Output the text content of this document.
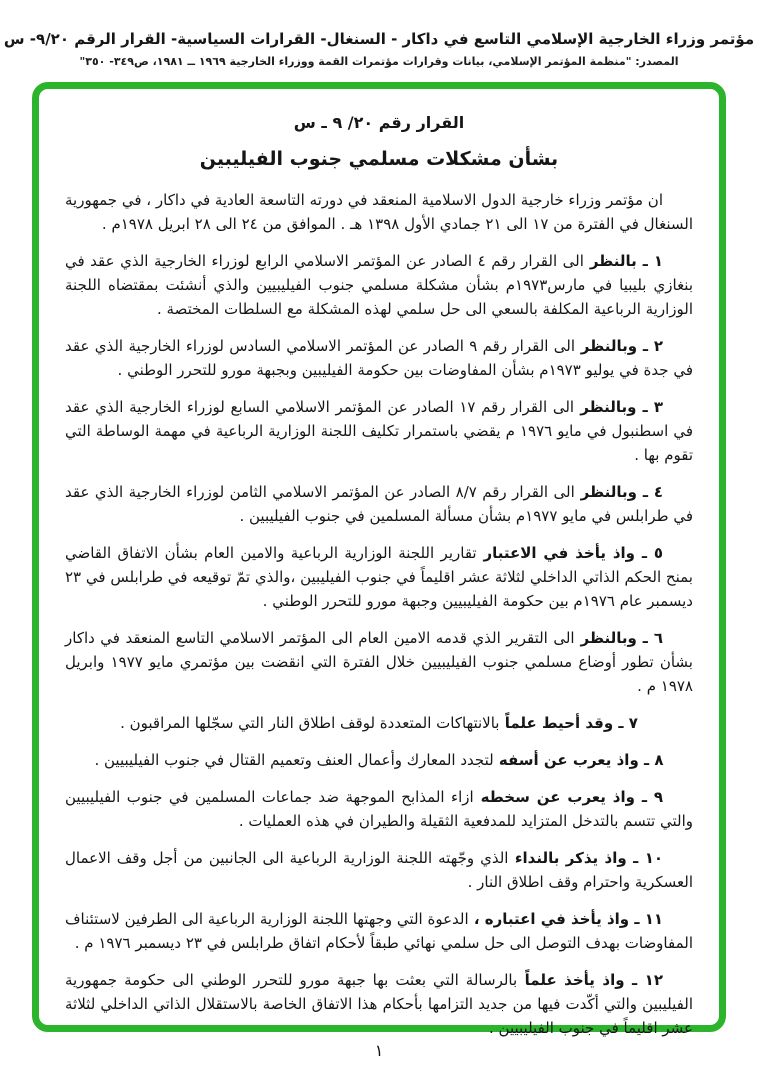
مؤتمر وزراء الخارجية الإسلامي التاسع في داكار - السنغال- القرارات السياسية- القرار الرقم ٢٠/‏٩- س
المصدر: "منظمة المؤتمر الإسلامي، بيانات وقرارات مؤتمرات القمة ووزراء الخارجية ١٩٦٩ ــ ١٩٨١، ص٣٤٩- ٣٥٠"
القرار رقم ٢٠/ ٩ ـ س
بشأن مشكلات مسلمي جنوب الفيليبين

ان مؤتمر وزراء خارجية الدول الاسلامية المنعقد في دورته التاسعة العادية في داكار ، في جمهورية السنغال في الفترة من ١٧ الى ٢١ جمادي الأول ١٣٩٨ هـ . الموافق من ٢٤ الى ٢٨ ابريل ١٩٧٨م .

١ ـ بالنظر الى القرار رقم ٤ الصادر عن المؤتمر الاسلامي الرابع لوزراء الخارجية الذي عقد في بنغازي بليبيا في مارس١٩٧٣م بشأن مشكلة مسلمي جنوب الفيليبيين والذي أنشئت بمقتضاه اللجنة الوزارية الرباعية المكلفة بالسعي الى حل سلمي لهذه المشكلة مع السلطات المختصة .

٢ ـ وبالنظر الى القرار رقم ٩ الصادر عن المؤتمر الاسلامي السادس لوزراء الخارجية الذي عقد في جدة في يوليو ١٩٧٣م بشأن المفاوضات بين حكومة الفيليبين وبجبهة مورو للتحرر الوطني .

٣ ـ وبالنظر الى القرار رقم ١٧ الصادر عن المؤتمر الاسلامي السابع لوزراء الخارجية الذي عقد في اسطنبول في مايو ١٩٧٦ م يقضي باستمرار تكليف اللجنة الوزارية الرباعية في مهمة الوساطة التي تقوم بها .

٤ ـ وبالنظر الى القرار رقم ٧/‏٨ الصادر عن المؤتمر الاسلامي الثامن لوزراء الخارجية الذي عقد في طرابلس في مايو ١٩٧٧م بشأن مسألة المسلمين في جنوب الفيليبين .

٥ ـ واذ يأخذ في الاعتبار تقارير اللجنة الوزارية الرباعية والامين العام بشأن الاتفاق القاضي بمنح الحكم الذاتي الداخلي لثلاثة عشر اقليماً في جنوب الفيليبين ،والذي تمّ توقيعه في طرابلس في ٢٣ ديسمبر عام ١٩٧٦م بين حكومة الفيليبيين وجبهة مورو للتحرر الوطني .

٦ ـ وبالنظر الى التقرير الذي قدمه الامين العام الى المؤتمر الاسلامي التاسع المنعقد في داكار بشأن تطور أوضاع مسلمي جنوب الفيليبيين خلال الفترة التي انقضت بين مؤتمري مايو ١٩٧٧ وابريل ١٩٧٨ م .

٧ ـ وقد أحيط علماً بالانتهاكات المتعددة لوقف اطلاق النار التي سجّلها المراقبون .

٨ ـ واذ يعرب عن أسفه لتجدد المعارك وأعمال العنف وتعميم القتال في جنوب الفيليبيين .

٩ ـ واذ يعرب عن سخطه ازاء المذابح الموجهة ضد جماعات المسلمين في جنوب الفيليبيين والتي تتسم بالتدخل المتزايد للمدفعية الثقيلة والطيران في هذه العمليات .

١٠ ـ واذ يذكر بالنداء الذي وجّهته اللجنة الوزارية الرباعية الى الجانبين من أجل وقف الاعمال العسكرية واحترام وقف اطلاق النار .

١١ ـ واذ يأخذ في اعتباره ، الدعوة التي وجهتها اللجنة الوزارية الرباعية الى الطرفين لاستئناف المفاوضات بهدف التوصل الى حل سلمي نهائي طبقاً لأحكام اتفاق طرابلس في ٢٣ ديسمبر ١٩٧٦ م .

١٢ ـ واذ يأخذ علماً بالرسالة التي بعثت بها جبهة مورو للتحرر الوطني الى حكومة جمهورية الفيليبين والتي أكّدت فيها من جديد التزامها بأحكام هذا الاتفاق الخاصة بالاستقلال الذاتي الداخلي لثلاثة عشر اقليماً في جنوب الفيليبيين .

١
